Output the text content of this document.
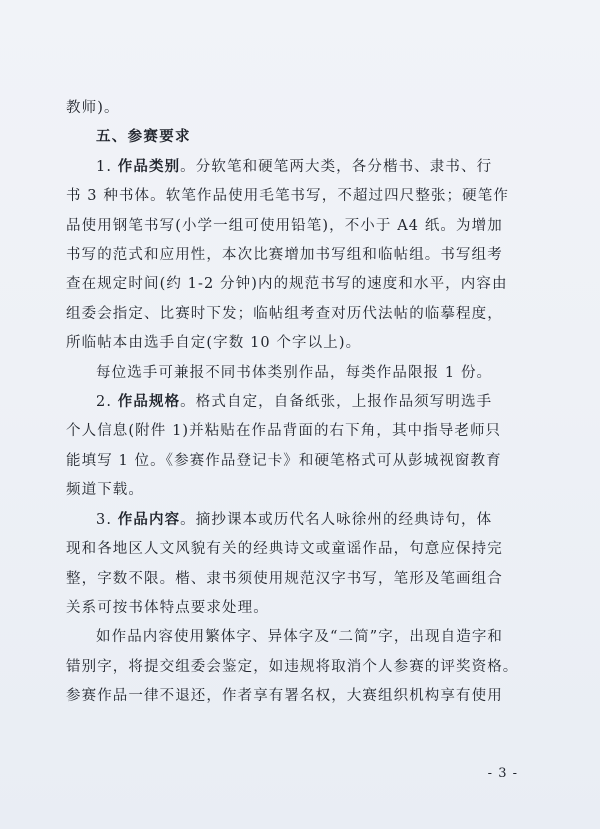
教师)。

五、参赛要求

1. 作品类别。分软笔和硬笔两大类，各分楷书、隶书、行
书 3 种书体。软笔作品使用毛笔书写，不超过四尺整张；硬笔作
品使用钢笔书写(小学一组可使用铅笔)，不小于 A4 纸。为增加
书写的范式和应用性，本次比赛增加书写组和临帖组。书写组考
查在规定时间(约 1-2 分钟)内的规范书写的速度和水平，内容由
组委会指定、比赛时下发；临帖组考查对历代法帖的临摹程度，
所临帖本由选手自定(字数 10 个字以上)。

每位选手可兼报不同书体类别作品，每类作品限报 1 份。

2. 作品规格。格式自定，自备纸张，上报作品须写明选手
个人信息(附件 1)并粘贴在作品背面的右下角，其中指导老师只
能填写 1 位。《参赛作品登记卡》和硬笔格式可从彭城视窗教育
频道下载。

3. 作品内容。摘抄课本或历代名人咏徐州的经典诗句，体
现和各地区人文风貌有关的经典诗文或童谣作品，句意应保持完
整，字数不限。楷、隶书须使用规范汉字书写，笔形及笔画组合
关系可按书体特点要求处理。

如作品内容使用繁体字、异体字及“二简”字，出现自造字和
错别字，将提交组委会鉴定，如违规将取消个人参赛的评奖资格。
参赛作品一律不退还，作者享有署名权，大赛组织机构享有使用

- 3 -
